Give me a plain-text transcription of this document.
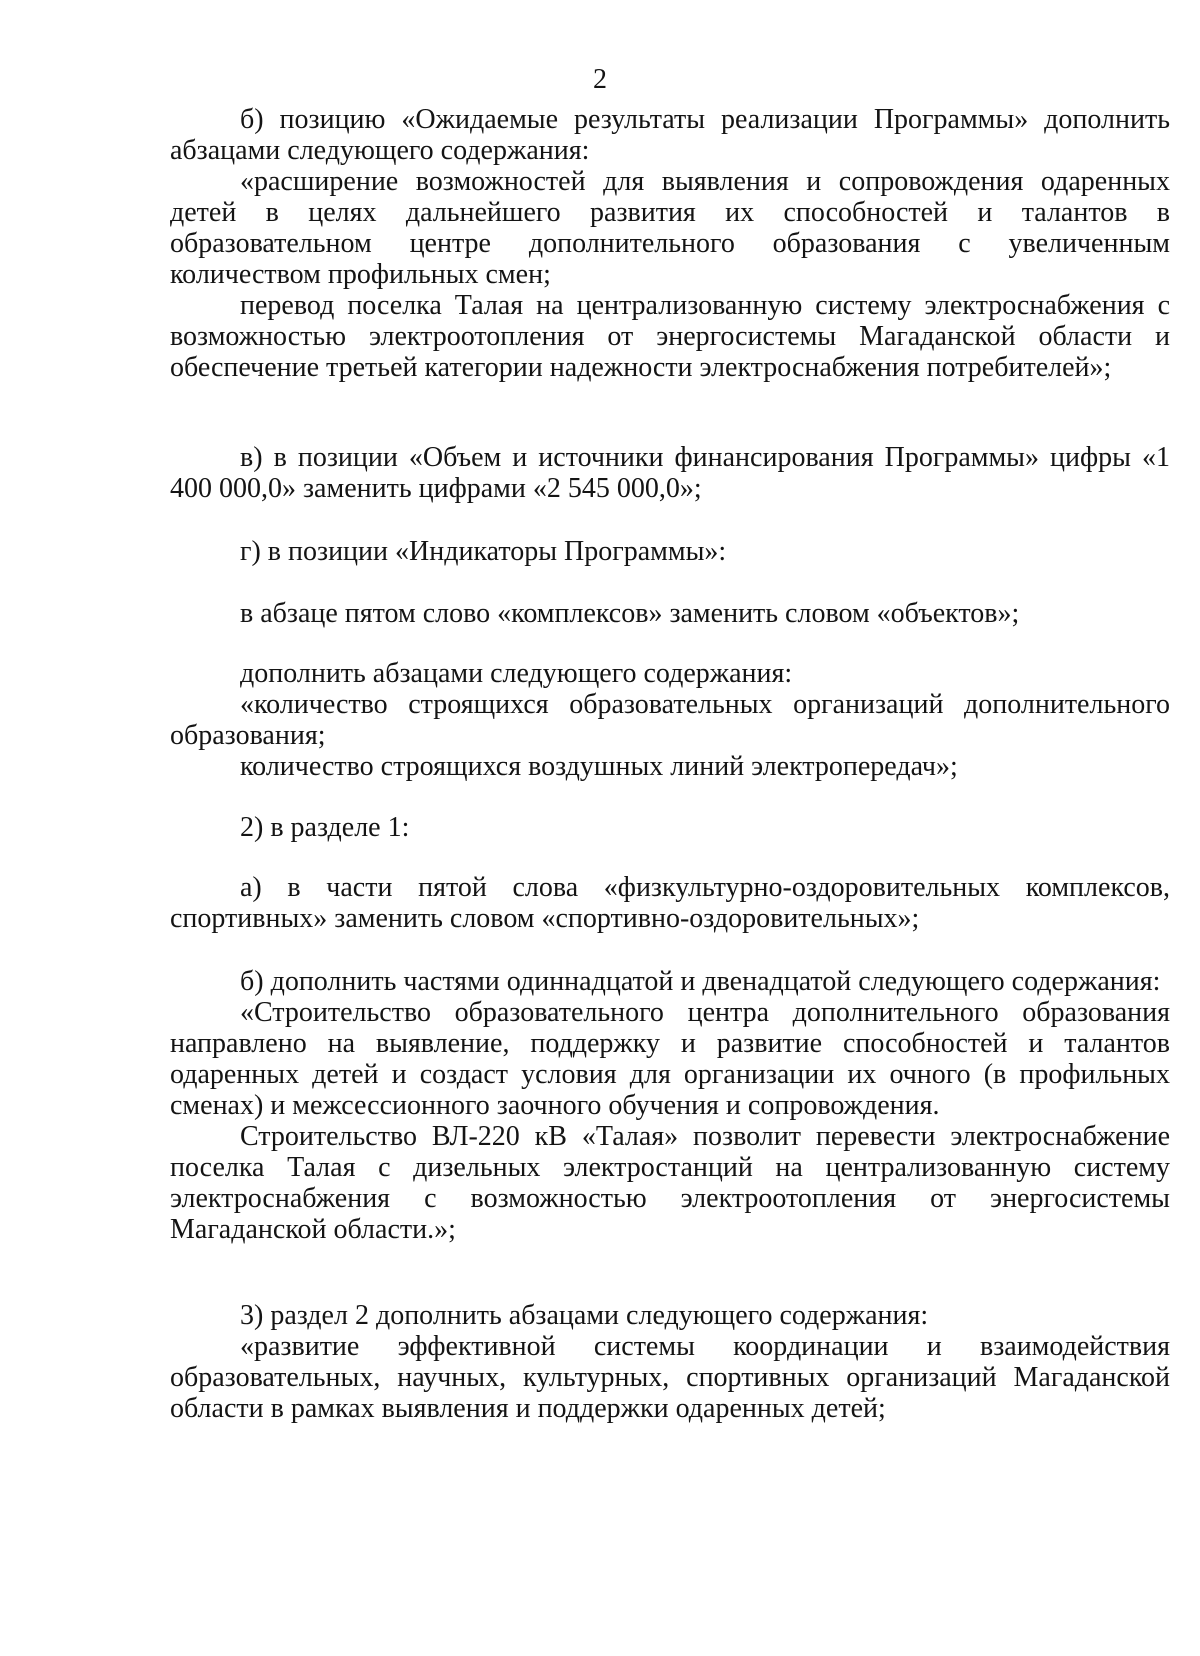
2

б) позицию «Ожидаемые результаты реализации Программы» дополнить абзацами следующего содержания:

«расширение возможностей для выявления и сопровождения одаренных детей в целях дальнейшего развития их способностей и талантов в образовательном центре дополнительного образования с увеличенным количеством профильных смен;

перевод поселка Талая на централизованную систему электроснабжения с возможностью электроотопления от энергосистемы Магаданской области и обеспечение третьей категории надежности электроснабжения потребителей»;

в) в позиции «Объем и источники финансирования Программы» цифры «1 400 000,0» заменить цифрами «2 545 000,0»;

г) в позиции «Индикаторы Программы»:

в абзаце пятом слово «комплексов» заменить словом «объектов»;

дополнить абзацами следующего содержания:

«количество строящихся образовательных организаций дополнительного образования;

количество строящихся воздушных линий электропередач»;

2) в разделе 1:

а) в части пятой слова «физкультурно-оздоровительных комплексов, спортивных» заменить словом «спортивно-оздоровительных»;

б) дополнить частями одиннадцатой и двенадцатой следующего содержания:

«Строительство образовательного центра дополнительного образования направлено на выявление, поддержку и развитие способностей и талантов одаренных детей и создаст условия для организации их очного (в профильных сменах) и межсессионного заочного обучения и сопровождения.

Строительство ВЛ-220 кВ «Талая» позволит перевести электроснабжение поселка Талая с дизельных электростанций на централизованную систему электроснабжения с возможностью электроотопления от энергосистемы Магаданской области.»;

3) раздел 2 дополнить абзацами следующего содержания:

«развитие эффективной системы координации и взаимодействия образовательных, научных, культурных, спортивных организаций Магаданской области в рамках выявления и поддержки одаренных детей;
